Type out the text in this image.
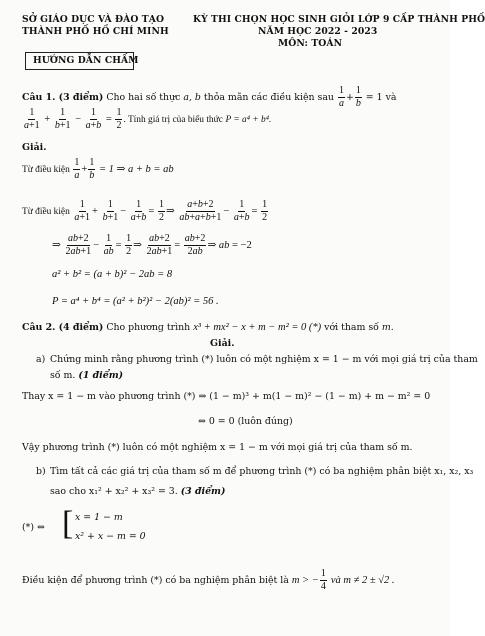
SỞ GIÁO DỤC VÀ ĐÀO TẠO
THÀNH PHỐ HỒ CHÍ MINH
KỲ THI CHỌN HỌC SINH GIỎI LỚP 9 CẤP THÀNH PHỐ
NĂM HỌC 2022 - 2023
MÔN: TOÁN
HƯỚNG DẪN CHẤM
Câu 1. (3 điểm) Cho hai số thực a, b thỏa mãn các điều kiện sau $\frac{1}{a} + \frac{1}{b} = 1$ và
$\frac{1}{a+1} + \frac{1}{b+1} - \frac{1}{a+b} = \frac{1}{2}$ . Tính giá trị của biểu thức P = a⁴ + b⁴.
Giải.
Từ điều kiện $\frac{1}{a} + \frac{1}{b} = 1$ ⇒ a + b = ab
Từ điều kiện $\frac{1}{a+1} + \frac{1}{b+1} - \frac{1}{a+b} = \frac{1}{2}$ ⇒ $\frac{a+b+2}{ab+a+b+1} - \frac{1}{a+b} = \frac{1}{2}$
⇒ $\frac{ab+2}{2ab+1} - \frac{1}{ab} = \frac{1}{2}$ ⇒ $\frac{ab+2}{2ab+1} = \frac{ab+2}{2ab}$ ⇒ ab = −2
a² + b² = (a + b)² − 2ab = 8
P = a⁴ + b⁴ = (a² + b²)² − 2(ab)² = 56 .
Câu 2. (4 điểm) Cho phương trình x³ + mx² − x + m − m² = 0 (*) với tham số m.
Giải.
a) Chứng minh rằng phương trình (*) luôn có một nghiệm x = 1 − m với mọi giá trị của tham
số m. (1 điểm)
Thay x = 1 − m vào phương trình (*) ⇒ (1 − m)³ + m(1 − m)² − (1 − m) + m − m² = 0
⇔ 0 = 0 (luôn đúng)
Vậy phương trình (*) luôn có một nghiệm x = 1 − m với mọi giá trị của tham số m.
b) Tìm tất cả các giá trị của tham số m để phương trình (*) có ba nghiệm phân biệt x₁, x₂, x₃
sao cho x₁² + x₂² + x₃² = 3. (3 điểm)
(*) ⇔ [ x = 1 − m
x² + x − m = 0
Điều kiện để phương trình (*) có ba nghiệm phân biệt là m > − $\frac{1}{4}$ và m ≠ 2 ± √2 .
